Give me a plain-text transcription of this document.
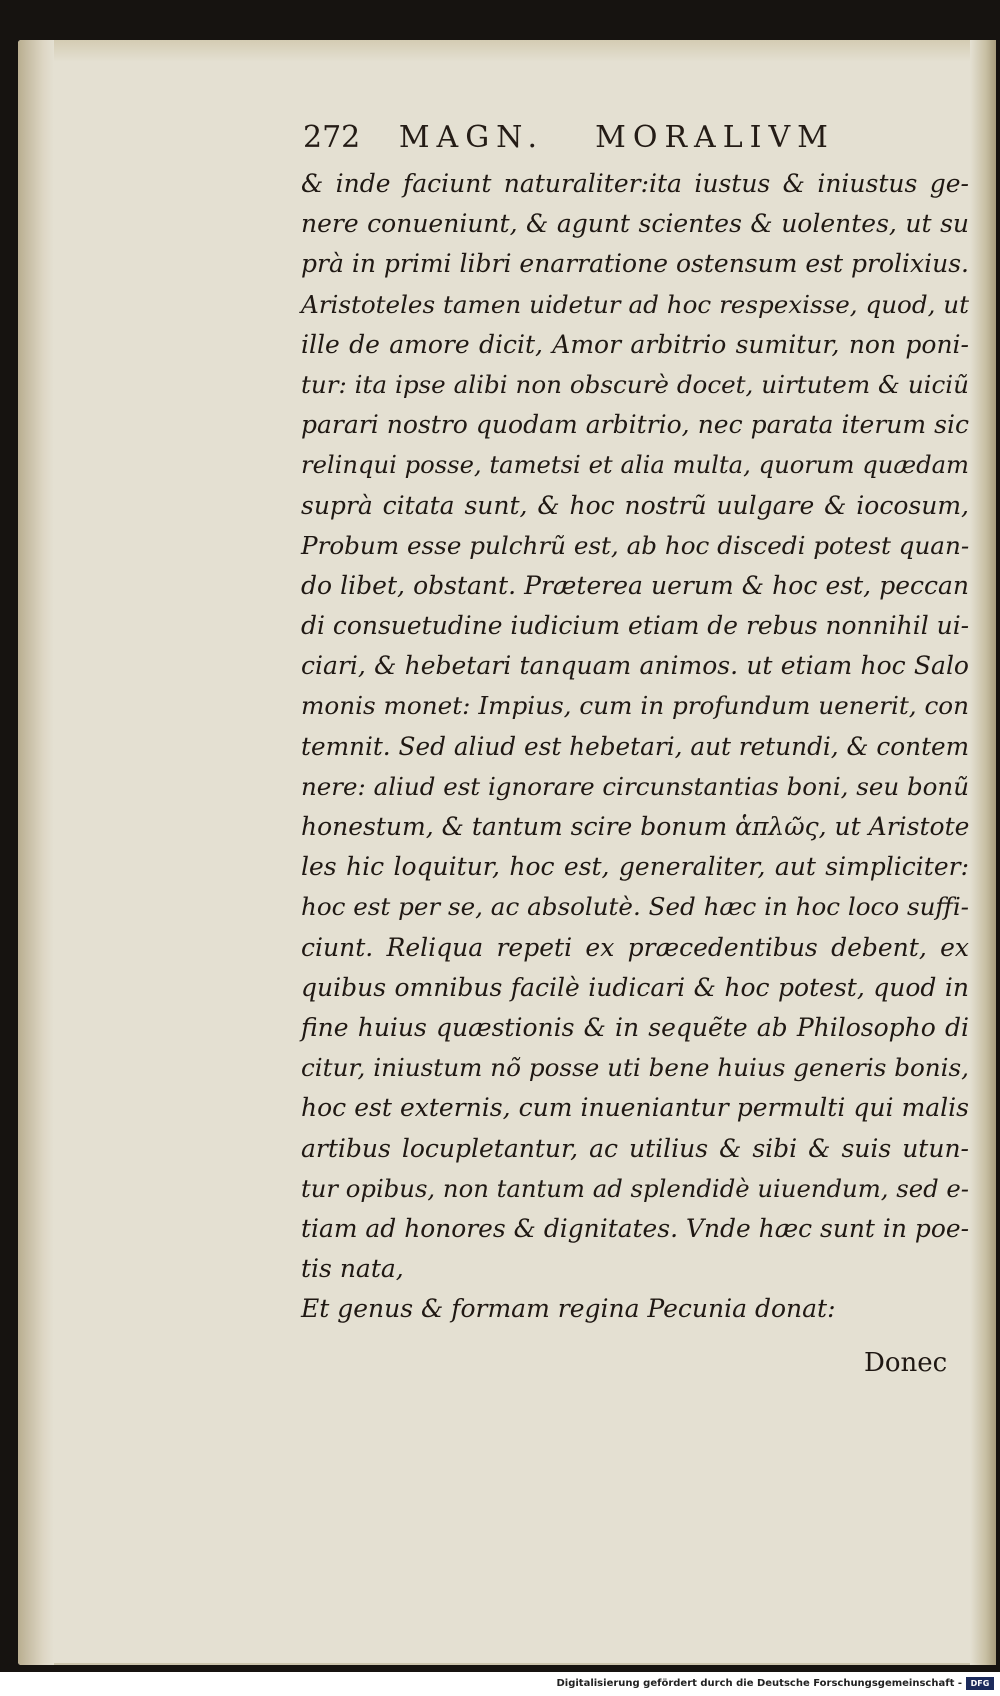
272 MAGN. MORALIVM
& inde faciunt naturaliter:ita iustus & iniustus ge-
nere conueniunt, & agunt scientes & uolentes, ut su
prà in primi libri enarratione ostensum est prolixius.
Aristoteles tamen uidetur ad hoc respexisse, quod, ut
ille de amore dicit, Amor arbitrio sumitur, non poni-
tur: ita ipse alibi non obscurè docet, uirtutem & uiciũ
parari nostro quodam arbitrio, nec parata iterum sic
relinqui posse, tametsi et alia multa, quorum quædam
suprà citata sunt, & hoc nostrũ uulgare & iocosum,
Probum esse pulchrũ est, ab hoc discedi potest quan-
do libet, obstant. Præterea uerum & hoc est, peccan
di consuetudine iudicium etiam de rebus nonnihil ui-
ciari, & hebetari tanquam animos. ut etiam hoc Salo
monis monet: Impius, cum in profundum uenerit, con
temnit. Sed aliud est hebetari, aut retundi, & contem
nere: aliud est ignorare circunstantias boni, seu bonũ
honestum, & tantum scire bonum ἁπλῶς, ut Aristote
les hic loquitur, hoc est, generaliter, aut simpliciter:
hoc est per se, ac absolutè. Sed hæc in hoc loco suffi-
ciunt. Reliqua repeti ex præcedentibus debent, ex
quibus omnibus facilè iudicari & hoc potest, quod in
fine huius quæstionis & in sequẽte ab Philosopho di
citur, iniustum nõ posse uti bene huius generis bonis,
hoc est externis, cum inueniantur permulti qui malis
artibus locupletantur, ac utilius & sibi & suis utun-
tur opibus, non tantum ad splendidè uiuendum, sed e-
tiam ad honores & dignitates. Vnde hæc sunt in poe-
tis nata,
Et genus & formam regina Pecunia donat:
Donec
Digitalisierung gefördert durch die Deutsche Forschungsgemeinschaft -	DFG
